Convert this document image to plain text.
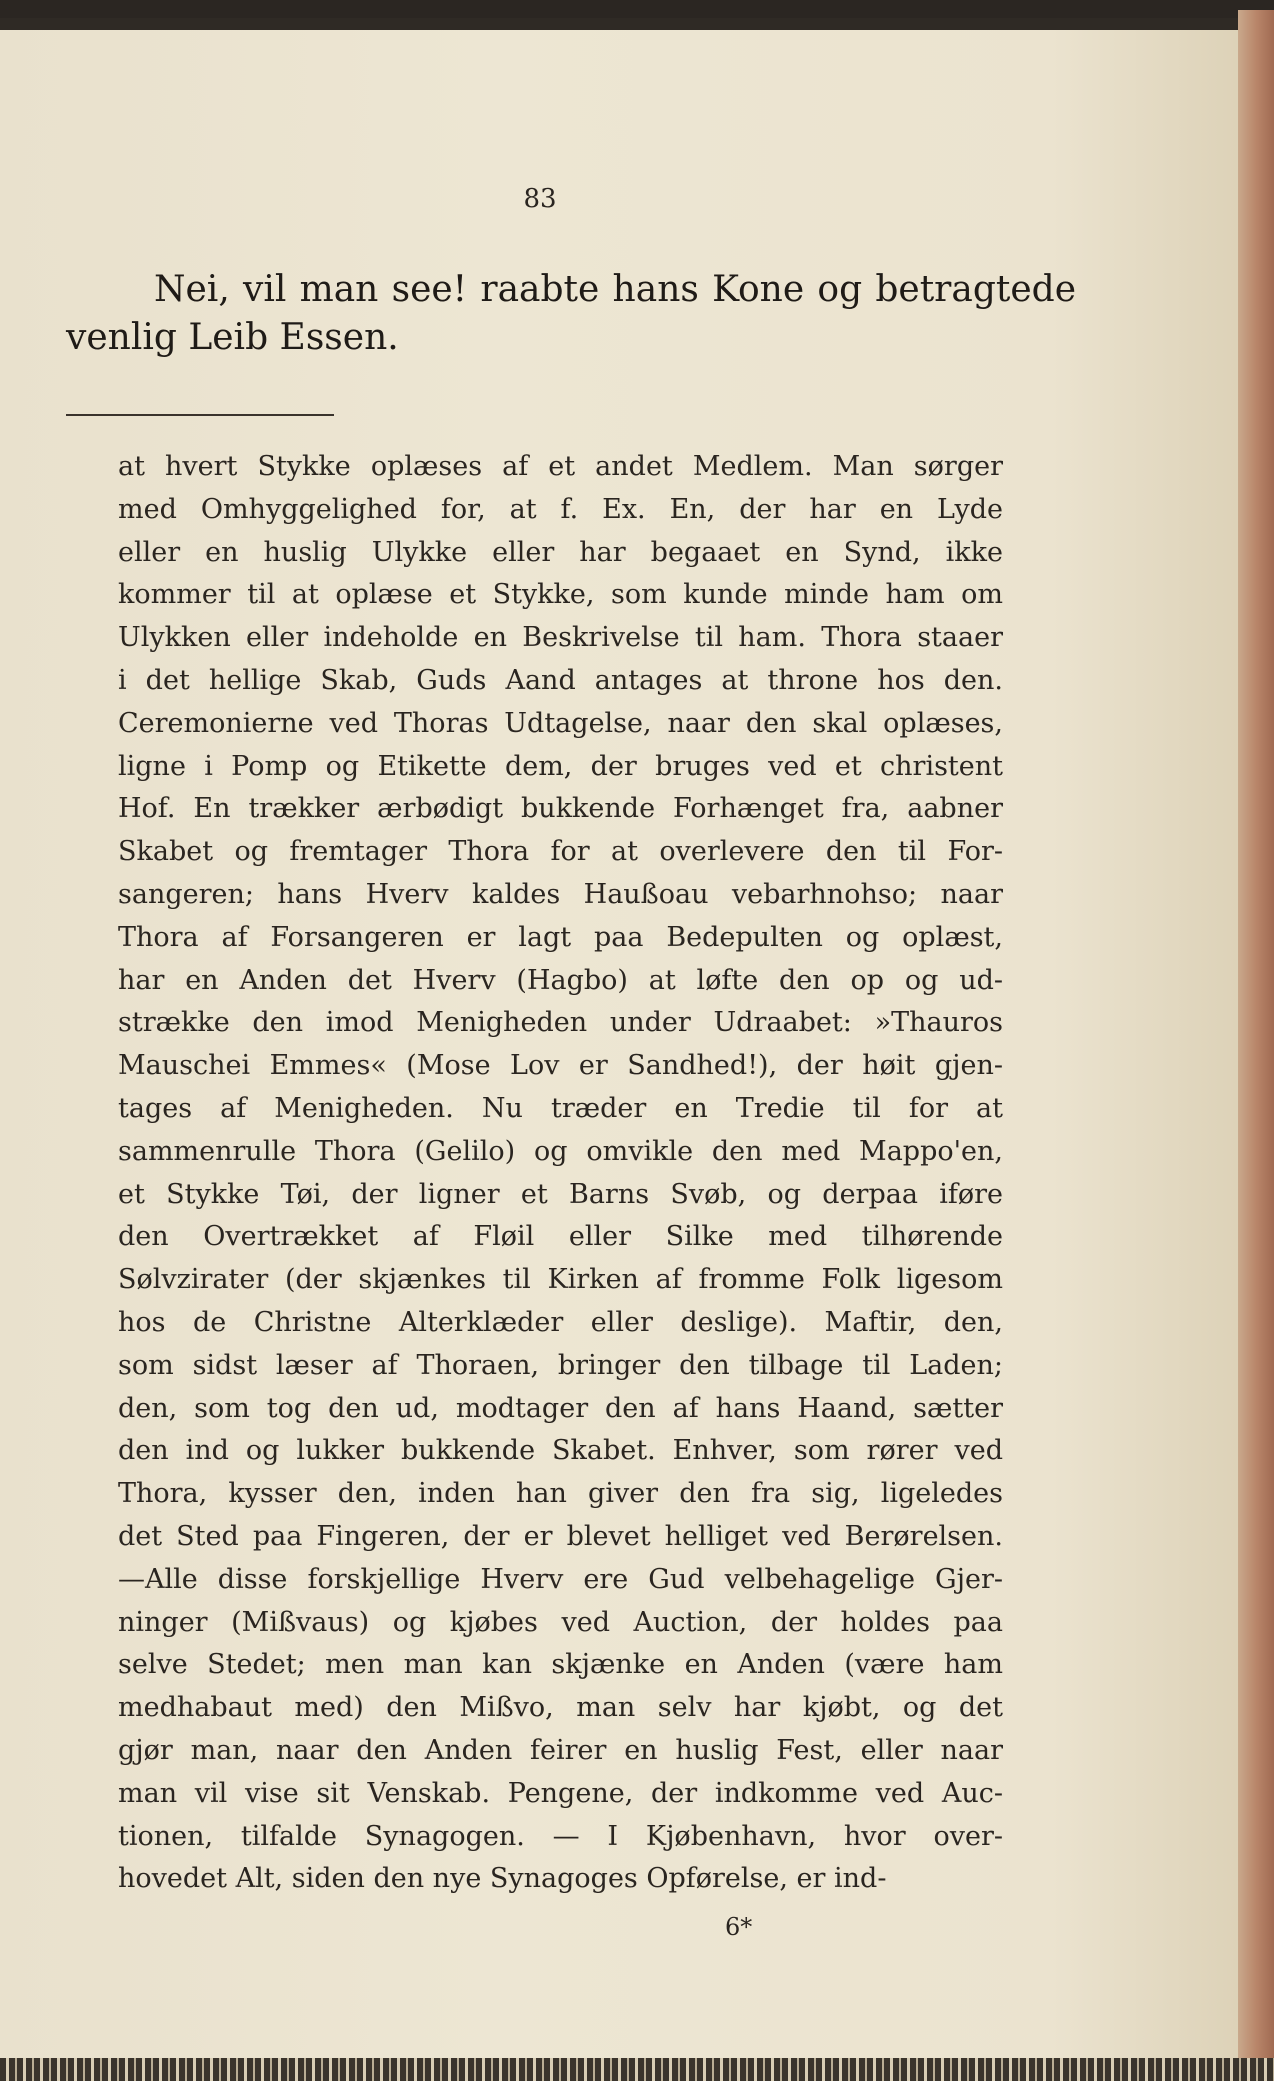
83
Nei, vil man see! raabte hans Kone og betragtede
venlig Leib Essen.
at hvert Stykke oplæses af et andet Medlem. Man sørger
med Omhyggelighed for, at f. Ex. En, der har en Lyde
eller en huslig Ulykke eller har begaaet en Synd, ikke
kommer til at oplæse et Stykke, som kunde minde ham om
Ulykken eller indeholde en Beskrivelse til ham. Thora staaer
i det hellige Skab, Guds Aand antages at throne hos den.
Ceremonierne ved Thoras Udtagelse, naar den skal oplæses,
ligne i Pomp og Etikette dem, der bruges ved et christent
Hof. En trækker ærbødigt bukkende Forhænget fra, aabner
Skabet og fremtager Thora for at overlevere den til For-
sangeren; hans Hverv kaldes Haußoau vebarhnohso; naar
Thora af Forsangeren er lagt paa Bedepulten og oplæst,
har en Anden det Hverv (Hagbo) at løfte den op og ud-
strække den imod Menigheden under Udraabet: »Thauros
Mauschei Emmes« (Mose Lov er Sandhed!), der høit gjen-
tages af Menigheden. Nu træder en Tredie til for at
sammenrulle Thora (Gelilo) og omvikle den med Mappo'en,
et Stykke Tøi, der ligner et Barns Svøb, og derpaa iføre
den Overtrækket af Fløil eller Silke med tilhørende
Sølvzirater (der skjænkes til Kirken af fromme Folk ligesom
hos de Christne Alterklæder eller deslige). Maftir, den,
som sidst læser af Thoraen, bringer den tilbage til Laden;
den, som tog den ud, modtager den af hans Haand, sætter
den ind og lukker bukkende Skabet. Enhver, som rører ved
Thora, kysser den, inden han giver den fra sig, ligeledes
det Sted paa Fingeren, der er blevet helliget ved Berørelsen.
—Alle disse forskjellige Hverv ere Gud velbehagelige Gjer-
ninger (Mißvaus) og kjøbes ved Auction, der holdes paa
selve Stedet; men man kan skjænke en Anden (være ham
medhabaut med) den Mißvo, man selv har kjøbt, og det
gjør man, naar den Anden feirer en huslig Fest, eller naar
man vil vise sit Venskab. Pengene, der indkomme ved Auc-
tionen, tilfalde Synagogen. — I Kjøbenhavn, hvor over-
hovedet Alt, siden den nye Synagoges Opførelse, er ind-
6*
